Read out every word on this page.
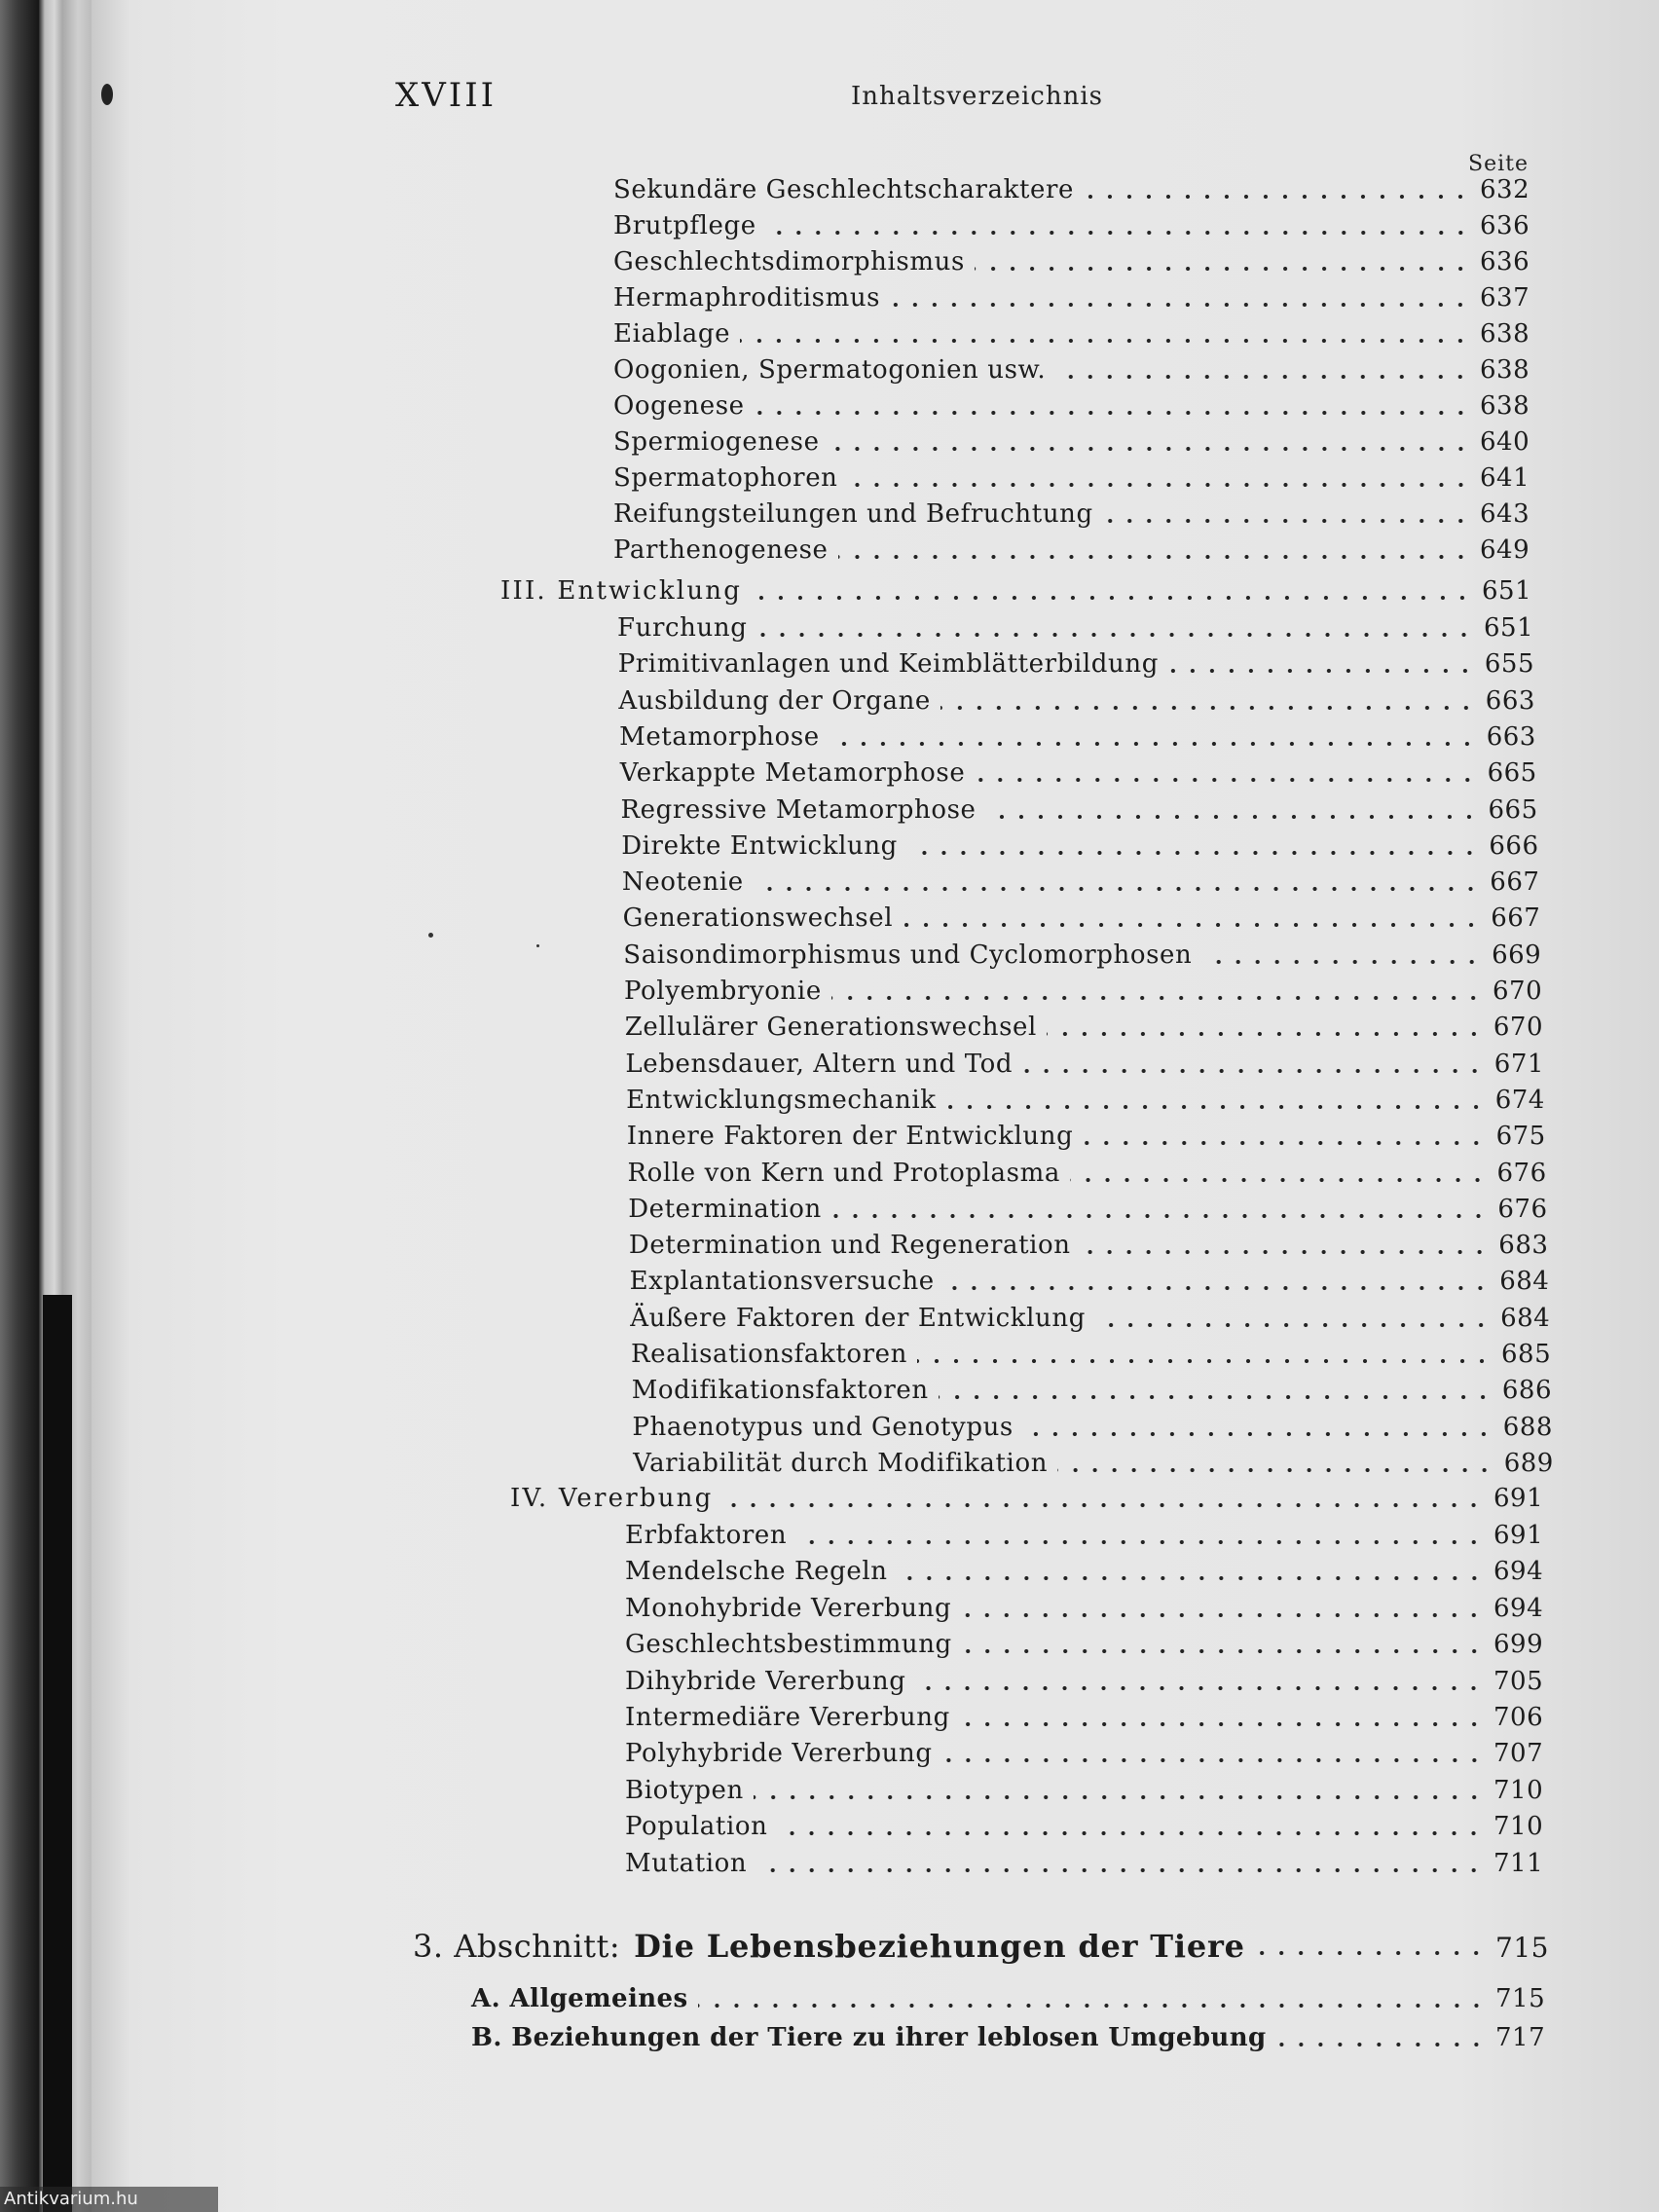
XVIII	Inhaltsverzeichnis
Seite
Sekundäre Geschlechtscharaktere	632
Brutpflege	636
Geschlechtsdimorphismus	636
Hermaphroditismus	637
Eiablage	638
Oogonien, Spermatogonien usw.	638
Oogenese	638
Spermiogenese	640
Spermatophoren	641
Reifungsteilungen und Befruchtung	643
Parthenogenese	649
III. Entwicklung	651
Furchung	651
Primitivanlagen und Keimblätterbildung	655
Ausbildung der Organe	663
Metamorphose	663
Verkappte Metamorphose	665
Regressive Metamorphose	665
Direkte Entwicklung	666
Neotenie	667
Generationswechsel	667
Saisondimorphismus und Cyclomorphosen	669
Polyembryonie	670
Zellulärer Generationswechsel	670
Lebensdauer, Altern und Tod	671
Entwicklungsmechanik	674
Innere Faktoren der Entwicklung	675
Rolle von Kern und Protoplasma	676
Determination	676
Determination und Regeneration	683
Explantationsversuche	684
Äußere Faktoren der Entwicklung	684
Realisationsfaktoren	685
Modifikationsfaktoren	686
Phaenotypus und Genotypus	688
Variabilität durch Modifikation	689
IV. Vererbung	691
Erbfaktoren	691
Mendelsche Regeln	694
Monohybride Vererbung	694
Geschlechtsbestimmung	699
Dihybride Vererbung	705
Intermediäre Vererbung	706
Polyhybride Vererbung	707
Biotypen	710
Population	710
Mutation	711
3. Abschnitt: Die Lebensbeziehungen der Tiere	715
A. Allgemeines	715
B. Beziehungen der Tiere zu ihrer leblosen Umgebung	717
Antikvarium.hu
